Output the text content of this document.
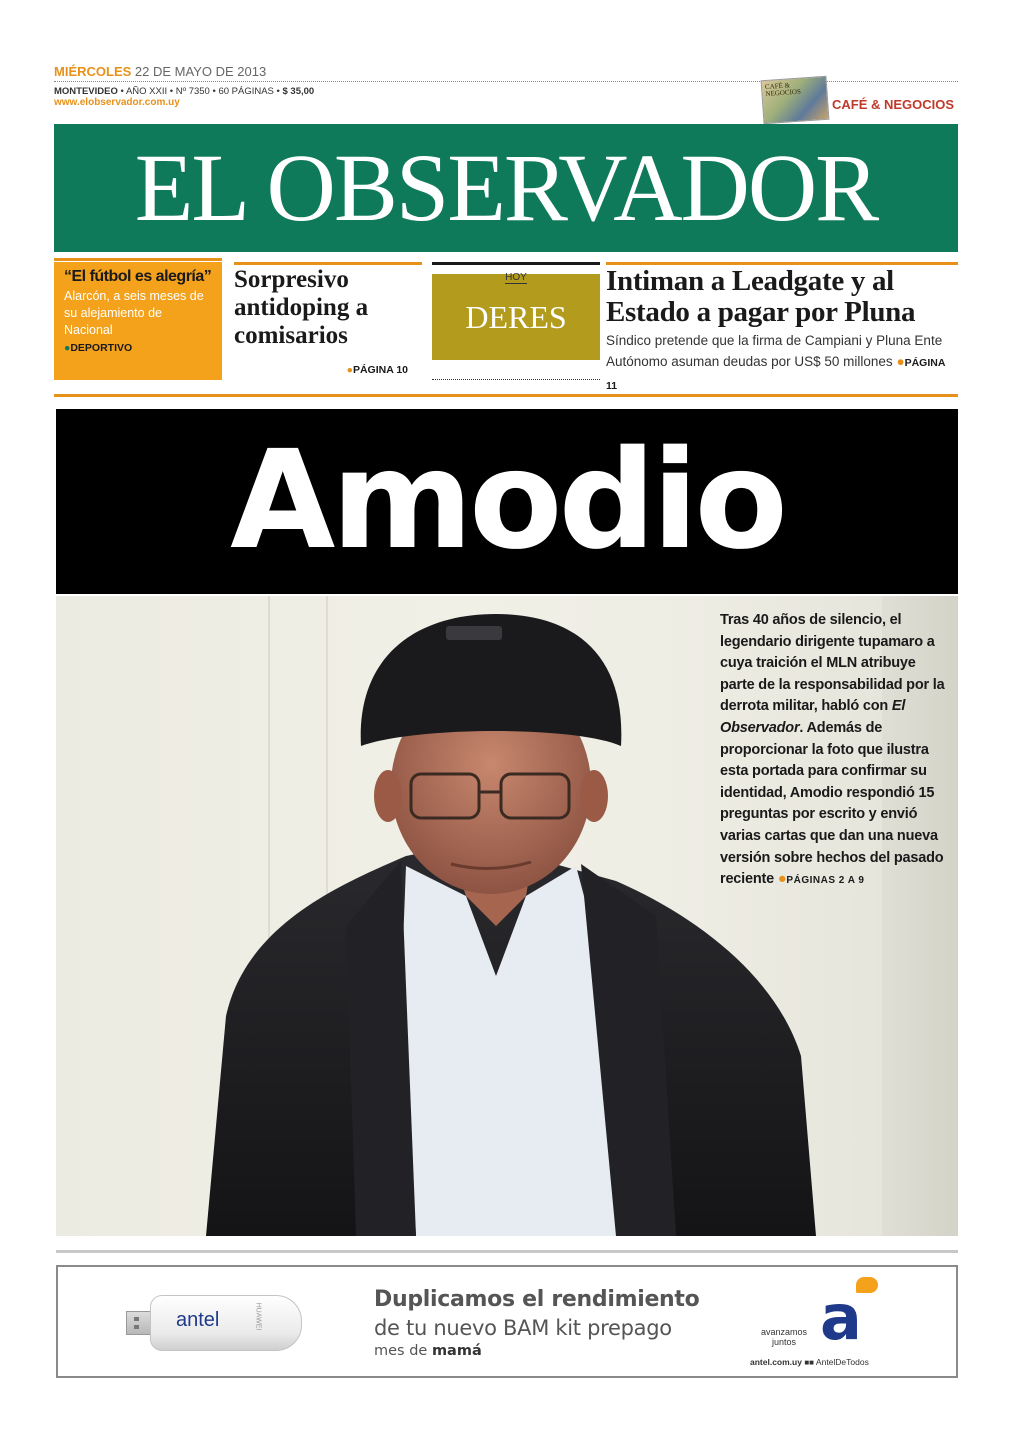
MIÉRCOLES 22 DE MAYO DE 2013
MONTEVIDEO • AÑO XXII • Nº 7350 • 60 PÁGINAS • $ 35,00
www.elobservador.com.uy
CAFÉ & NEGOCIOS
CAFÉ & NEGOCIOS
EL OBSERVADOR
“El fútbol es alegría”
Alarcón, a seis meses de su alejamiento de Nacional
●DEPORTIVO
Sorpresivo antidoping a comisarios
●PÁGINA 10
HOY
DERES
Intiman a Leadgate y al Estado a pagar por Pluna
Síndico pretende que la firma de Campiani y Pluna Ente Autónomo asuman deudas por US$ 50 millones ●PÁGINA 11
Amodio
Tras 40 años de silencio, el legendario dirigente tupamaro a cuya traición el MLN atribuye parte de la responsabilidad por la derrota militar, habló con El Observador. Además de proporcionar la foto que ilustra esta portada para confirmar su identidad, Amodio respondió 15 preguntas por escrito y envió varias cartas que dan una nueva versión sobre hechos del pasado reciente ●PÁGINAS 2 A 9
antel	HUAWEI
Duplicamos el rendimiento
de tu nuevo BAM kit prepago
mes de mamá
avanzamos juntos a
antel.com.uy ■■ AntelDeTodos
